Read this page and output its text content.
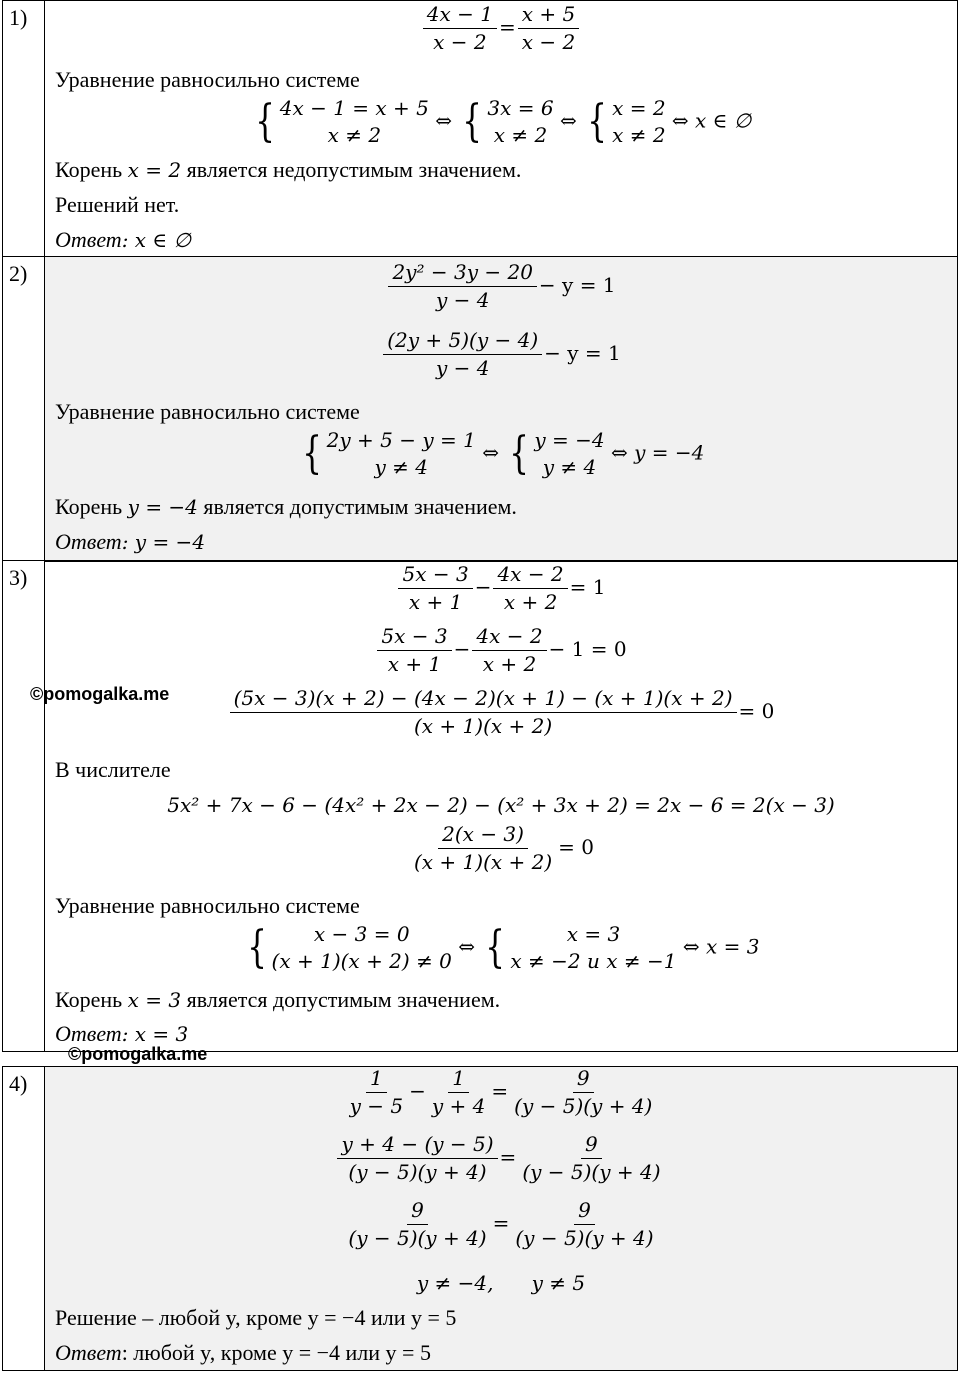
1)	$\frac{4x - 1}{x - 2} = \frac{x + 5}{x - 2}$
Уравнение равносильно системе
{ 4x − 1 = x + 5
x ≠ 2
⇔ { 3x = 6
x ≠ 2
⇔ { x = 2
x ≠ 2
⇔ x ∈ ∅
Корень x = 2 является недопустимым значением.
Решений нет.
Ответ: x ∈ ∅
2)	$\frac{\text{2y² − 3y − 20}}{y - 4} - y = 1$
$\frac{(2y + 5)(y - 4)}{y - 4} - y = 1$
Уравнение равносильно системе
{ 2y + 5 − y = 1
y ≠ 4
⇔ { y = −4
y ≠ 4
⇔ y = −4
Корень y = −4 является допустимым значением.
Ответ: y = −4
3)	$\frac{5x - 3}{x + 1} - \frac{4x - 2}{x + 2} = 1$
$\frac{5x - 3}{x + 1} - \frac{4x - 2}{x + 2} - 1 = 0$
$\frac{(5x - 3)(x + 2) - (4x - 2)(x + 1) - (x + 1)(x + 2)}{(x + 1)(x + 2)} = 0$
В числителе
5x² + 7x − 6 − (4x² + 2x − 2) − (x² + 3x + 2) = 2x − 6 = 2(x − 3)
$\frac{2(x - 3)}{(x + 1)(x + 2)} = 0$
Уравнение равносильно системе
{ x − 3 = 0
(x + 1)(x + 2) ≠ 0
⇔ {	x = 3
x ≠ −2 и x ≠ −1
⇔ x = 3
Корень x = 3 является допустимым значением.
Ответ: x = 3
4)	$\frac{1}{y - 5} - \frac{1}{y + 4} = \frac{9}{(y - 5)(y + 4)}$
$\frac{y + 4 - (y - 5)}{(y - 5)(y + 4)} = \frac{9}{(y - 5)(y + 4)}$
$\frac{9}{(y - 5)(y + 4)} = \frac{9}{(y - 5)(y + 4)}$
y ≠ −4,      y ≠ 5
Решение – любой y, кроме y = −4 или y = 5
Ответ: любой y, кроме y = −4 или y = 5
©pomogalka.me
©pomogalka.me
